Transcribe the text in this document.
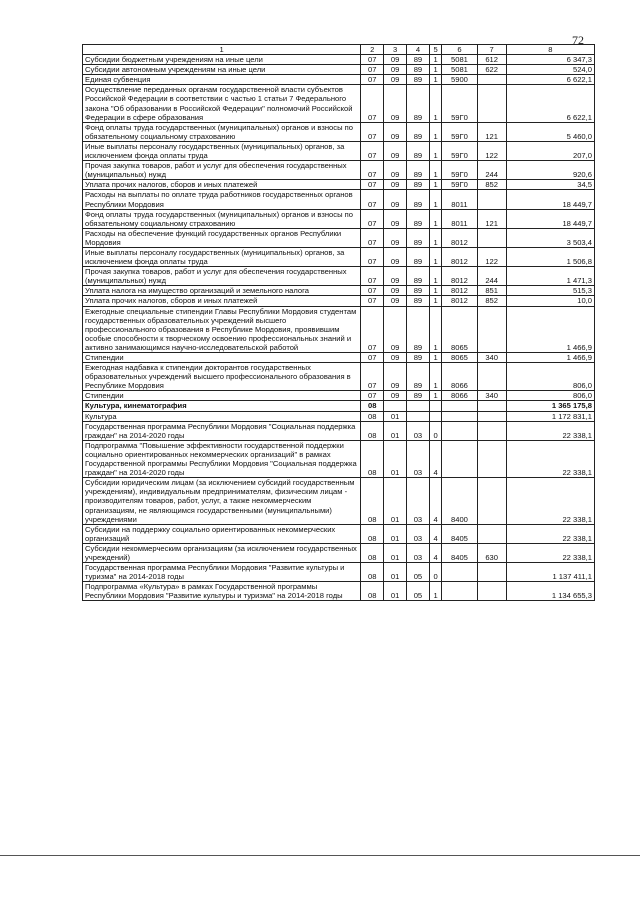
72
1	2	3	4	5	6	7	8
Субсидии бюджетным учреждениям на иные цели	07	09	89	1	5081	612	6 347,3
Субсидии автономным учреждениям на иные цели	07	09	89	1	5081	622	524,0
Единая субвенция	07	09	89	1	5900		6 622,1
Осуществление переданных органам государственной власти субъектов Российской Федерации в соответствии с частью 1 статьи 7 Федерального закона "Об образовании в Российской Федерации" полномочий Российской Федерации в сфере образования	07	09	89	1	59Г0		6 622,1
Фонд оплаты труда государственных (муниципальных) органов и взносы по обязательному социальному страхованию	07	09	89	1	59Г0	121	5 460,0
Иные выплаты персоналу государственных (муниципальных) органов, за исключением фонда оплаты труда	07	09	89	1	59Г0	122	207,0
Прочая закупка товаров, работ и услуг для обеспечения государственных (муниципальных) нужд	07	09	89	1	59Г0	244	920,6
Уплата прочих налогов, сборов и иных платежей	07	09	89	1	59Г0	852	34,5
Расходы на выплаты по оплате труда работников государственных органов Республики Мордовия	07	09	89	1	8011		18 449,7
Фонд оплаты труда государственных (муниципальных) органов и взносы по обязательному социальному страхованию	07	09	89	1	8011	121	18 449,7
Расходы на обеспечение функций государственных органов Республики Мордовия	07	09	89	1	8012		3 503,4
Иные выплаты персоналу государственных (муниципальных) органов, за исключением фонда оплаты труда	07	09	89	1	8012	122	1 506,8
Прочая закупка товаров, работ и услуг для обеспечения государственных (муниципальных) нужд	07	09	89	1	8012	244	1 471,3
Уплата налога на имущество организаций и земельного налога	07	09	89	1	8012	851	515,3
Уплата прочих налогов, сборов и иных платежей	07	09	89	1	8012	852	10,0
Ежегодные специальные стипендии Главы Республики Мордовия студентам государственных образовательных учреждений высшего профессионального образования в Республике Мордовия, проявившим особые способности к творческому освоению профессиональных знаний и активно занимающимся научно-исследовательской работой	07	09	89	1	8065		1 466,9
Стипендии	07	09	89	1	8065	340	1 466,9
Ежегодная надбавка к стипендии докторантов государственных образовательных учреждений высшего профессионального образования в Республике Мордовия	07	09	89	1	8066		806,0
Стипендии	07	09	89	1	8066	340	806,0
Культура, кинематография	08						1 365 175,8
Культура	08	01					1 172 831,1
Государственная программа Республики Мордовия "Социальная поддержка граждан" на 2014-2020 годы	08	01	03	0			22 338,1
Подпрограмма "Повышение эффективности государственной поддержки социально ориентированных некоммерческих организаций" в рамках Государственной программы Республики Мордовия "Социальная поддержка граждан" на 2014-2020 годы	08	01	03	4			22 338,1
Субсидии юридическим лицам (за исключением субсидий государственным учреждениям), индивидуальным предпринимателям, физическим лицам - производителям товаров, работ, услуг, а также некоммерческим организациям, не являющимся государственными (муниципальными) учреждениями	08	01	03	4	8400		22 338,1
Субсидии на поддержку социально ориентированных некоммерческих организаций	08	01	03	4	8405		22 338,1
Субсидии некоммерческим организациям (за исключением государственных учреждений)	08	01	03	4	8405	630	22 338,1
Государственная программа Республики Мордовия "Развитие культуры и туризма" на 2014-2018 годы	08	01	05	0			1 137 411,1
Подпрограмма «Культура» в рамках Государственной программы Республики Мордовия "Развитие культуры и туризма" на 2014-2018 годы	08	01	05	1			1 134 655,3
